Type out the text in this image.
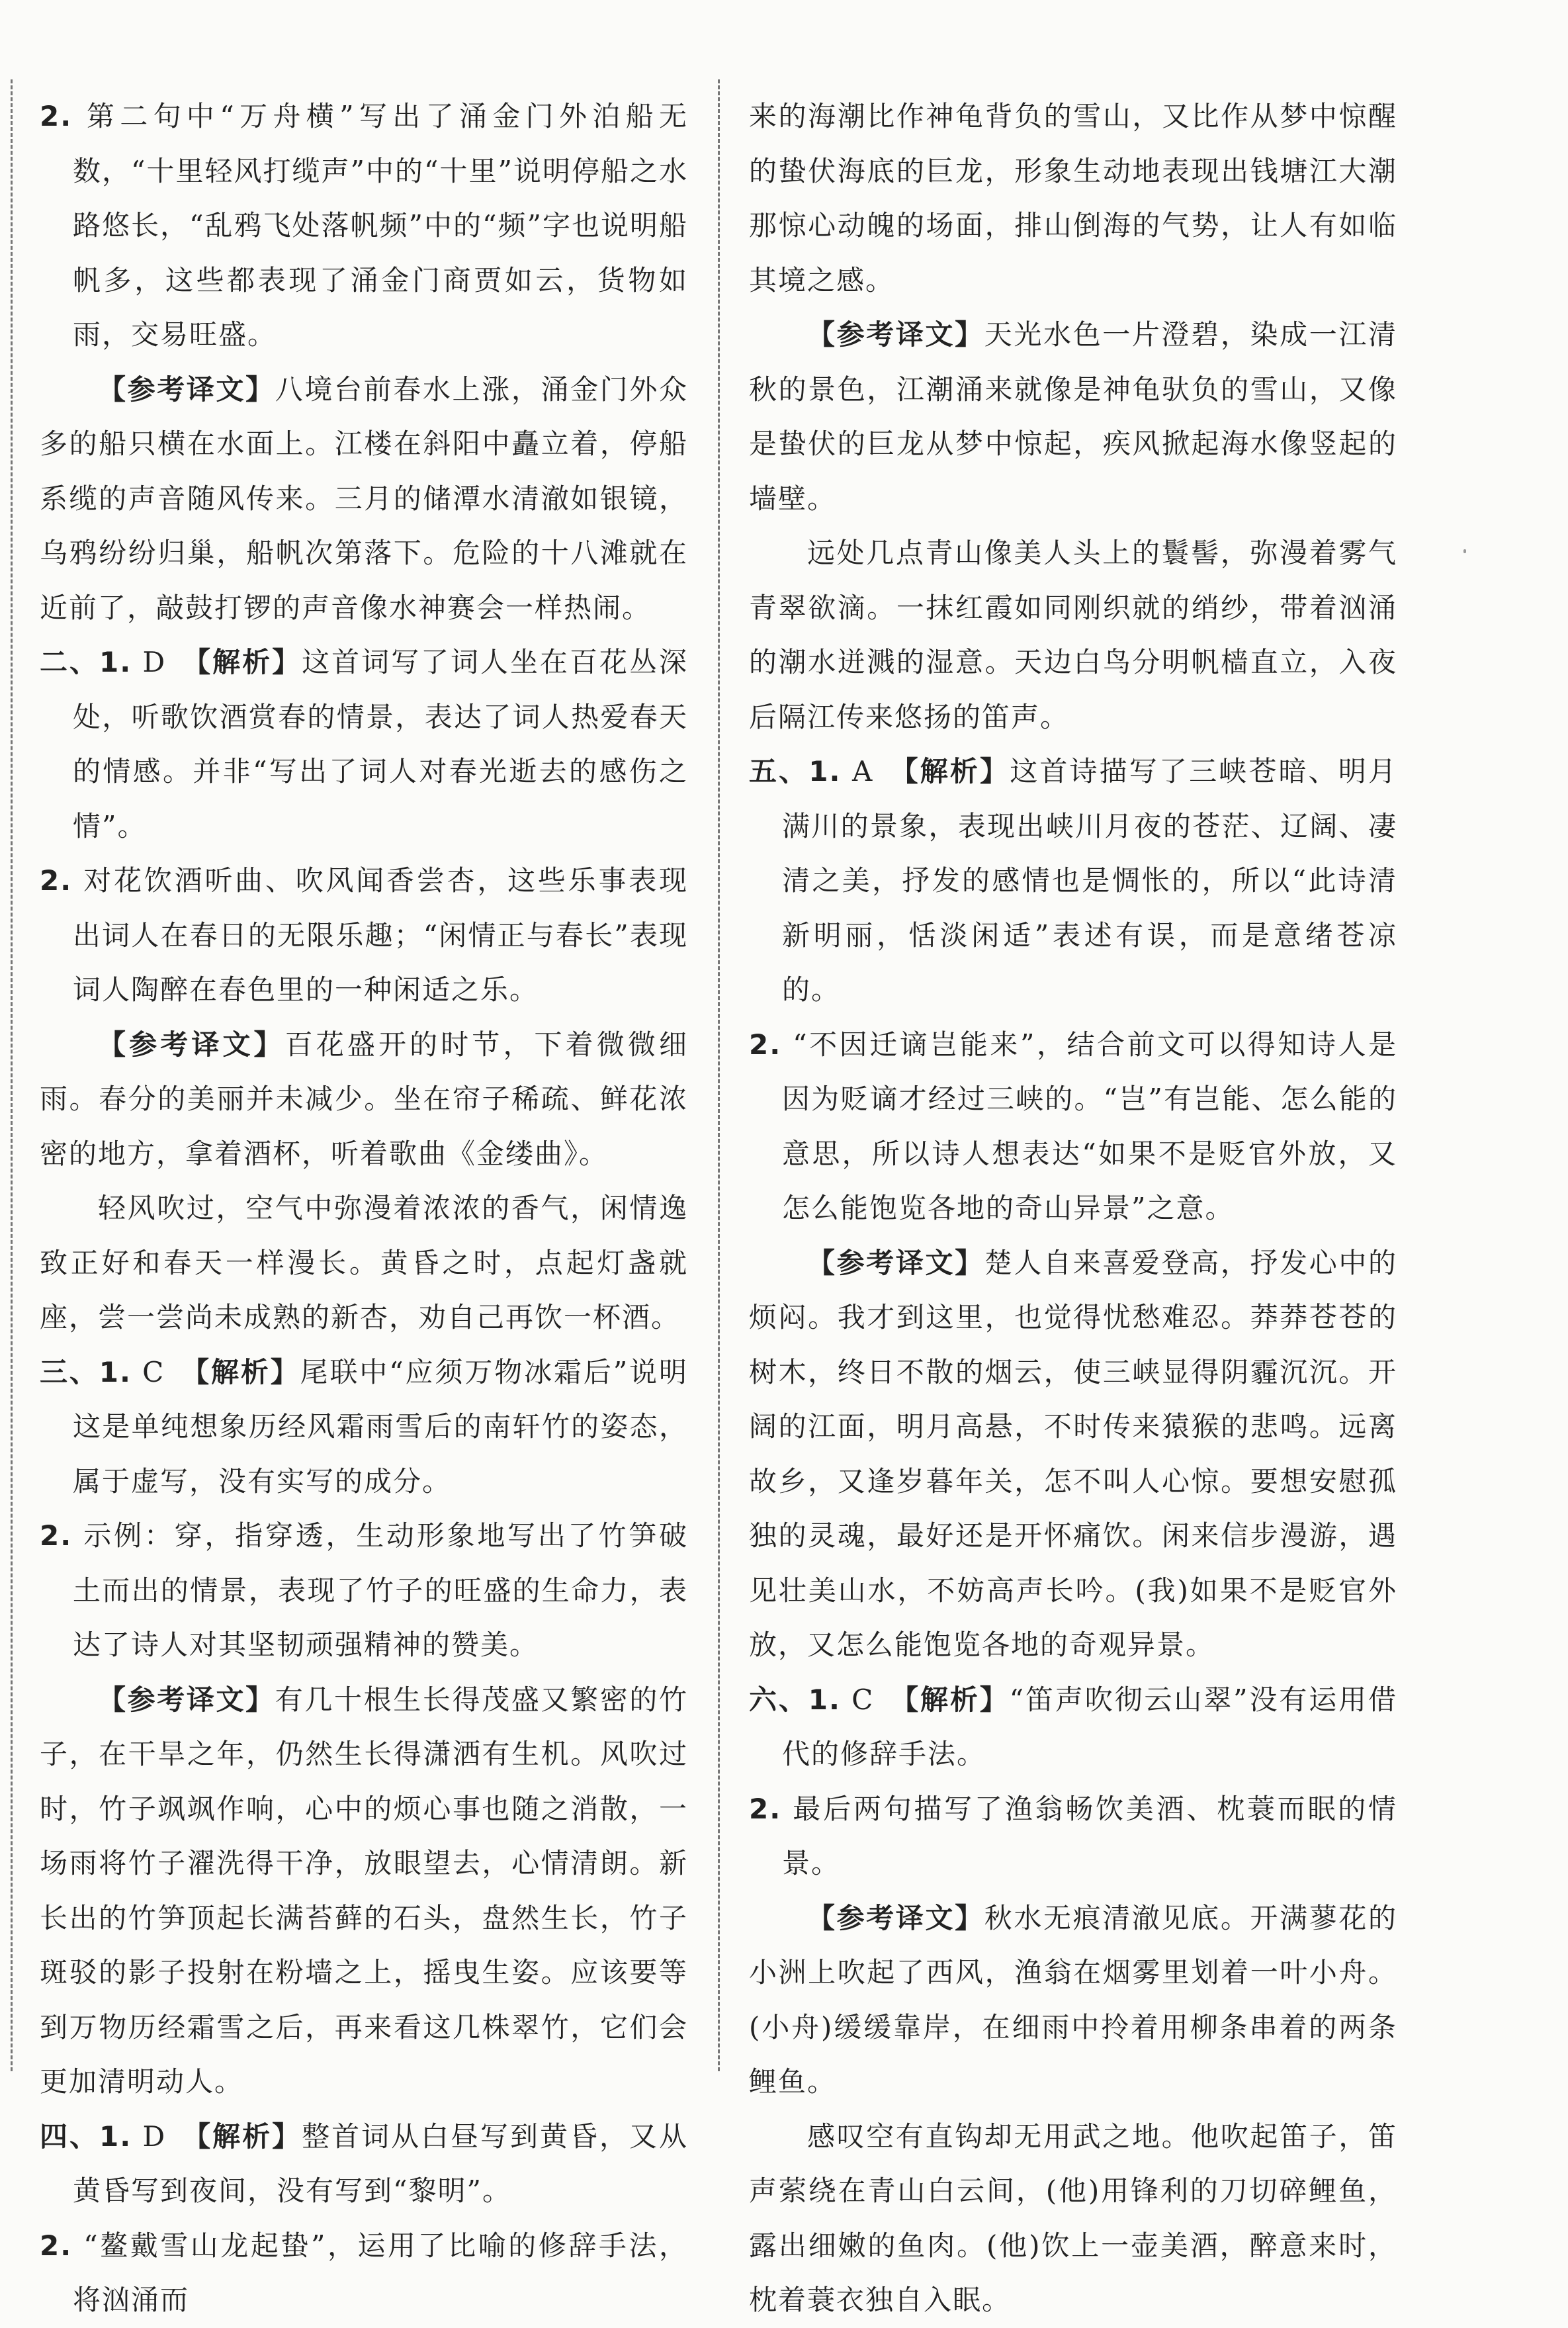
2. 第二句中“万舟横”写出了涌金门外泊船无数，“十里轻风打缆声”中的“十里”说明停船之水路悠长，“乱鸦飞处落帆频”中的“频”字也说明船帆多，这些都表现了涌金门商贾如云，货物如雨，交易旺盛。

【参考译文】八境台前春水上涨，涌金门外众多的船只横在水面上。江楼在斜阳中矗立着，停船系缆的声音随风传来。三月的储潭水清澈如银镜，乌鸦纷纷归巢，船帆次第落下。危险的十八滩就在近前了，敲鼓打锣的声音像水神赛会一样热闹。

二、1. D　【解析】这首词写了词人坐在百花丛深处，听歌饮酒赏春的情景，表达了词人热爱春天的情感。并非“写出了词人对春光逝去的感伤之情”。

2. 对花饮酒听曲、吹风闻香尝杏，这些乐事表现出词人在春日的无限乐趣；“闲情正与春长”表现词人陶醉在春色里的一种闲适之乐。

【参考译文】百花盛开的时节，下着微微细雨。春分的美丽并未减少。坐在帘子稀疏、鲜花浓密的地方，拿着酒杯，听着歌曲《金缕曲》。

轻风吹过，空气中弥漫着浓浓的香气，闲情逸致正好和春天一样漫长。黄昏之时，点起灯盏就座，尝一尝尚未成熟的新杏，劝自己再饮一杯酒。

三、1. C　【解析】尾联中“应须万物冰霜后”说明这是单纯想象历经风霜雨雪后的南轩竹的姿态，属于虚写，没有实写的成分。

2. 示例：穿，指穿透，生动形象地写出了竹笋破土而出的情景，表现了竹子的旺盛的生命力，表达了诗人对其坚韧顽强精神的赞美。

【参考译文】有几十根生长得茂盛又繁密的竹子，在干旱之年，仍然生长得潇洒有生机。风吹过时，竹子飒飒作响，心中的烦心事也随之消散，一场雨将竹子濯洗得干净，放眼望去，心情清朗。新长出的竹笋顶起长满苔藓的石头，盘然生长，竹子斑驳的影子投射在粉墙之上，摇曳生姿。应该要等到万物历经霜雪之后，再来看这几株翠竹，它们会更加清明动人。

四、1. D　【解析】整首词从白昼写到黄昏，又从黄昏写到夜间，没有写到“黎明”。

2. “鳌戴雪山龙起蛰”，运用了比喻的修辞手法，将汹涌而

来的海潮比作神龟背负的雪山，又比作从梦中惊醒的蛰伏海底的巨龙，形象生动地表现出钱塘江大潮那惊心动魄的场面，排山倒海的气势，让人有如临其境之感。

【参考译文】天光水色一片澄碧，染成一江清秋的景色，江潮涌来就像是神龟驮负的雪山，又像是蛰伏的巨龙从梦中惊起，疾风掀起海水像竖起的墙壁。

远处几点青山像美人头上的鬟髻，弥漫着雾气青翠欲滴。一抹红霞如同刚织就的绡纱，带着汹涌的潮水迸溅的湿意。天边白鸟分明帆樯直立，入夜后隔江传来悠扬的笛声。

五、1. A　【解析】这首诗描写了三峡苍暗、明月满川的景象，表现出峡川月夜的苍茫、辽阔、凄清之美，抒发的感情也是惆怅的，所以“此诗清新明丽，恬淡闲适”表述有误，而是意绪苍凉的。

2. “不因迁谪岂能来”，结合前文可以得知诗人是因为贬谪才经过三峡的。“岂”有岂能、怎么能的意思，所以诗人想表达“如果不是贬官外放，又怎么能饱览各地的奇山异景”之意。

【参考译文】楚人自来喜爱登高，抒发心中的烦闷。我才到这里，也觉得忧愁难忍。莽莽苍苍的树木，终日不散的烟云，使三峡显得阴霾沉沉。开阔的江面，明月高悬，不时传来猿猴的悲鸣。远离故乡，又逢岁暮年关，怎不叫人心惊。要想安慰孤独的灵魂，最好还是开怀痛饮。闲来信步漫游，遇见壮美山水，不妨高声长吟。(我)如果不是贬官外放，又怎么能饱览各地的奇观异景。

六、1. C　【解析】“笛声吹彻云山翠”没有运用借代的修辞手法。

2. 最后两句描写了渔翁畅饮美酒、枕蓑而眠的情景。

【参考译文】秋水无痕清澈见底。开满蓼花的小洲上吹起了西风，渔翁在烟雾里划着一叶小舟。(小舟)缓缓靠岸，在细雨中拎着用柳条串着的两条鲤鱼。

感叹空有直钩却无用武之地。他吹起笛子，笛声萦绕在青山白云间，(他)用锋利的刀切碎鲤鱼，露出细嫩的鱼肉。(他)饮上一壶美酒，醉意来时，枕着蓑衣独自入眠。
